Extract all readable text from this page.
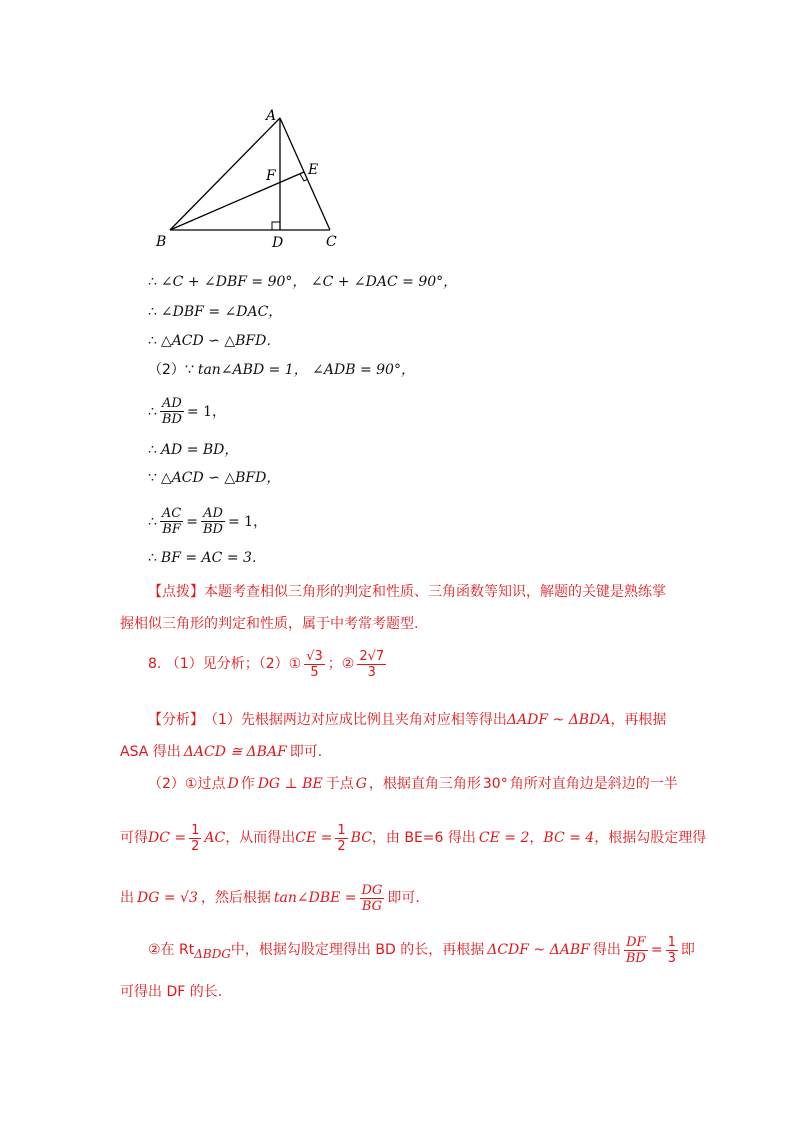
A
B	C
D
E
F
∴ ∠C + ∠DBF = 90°， ∠C + ∠DAC = 90°，
∴ ∠DBF = ∠DAC，
∴ △ACD ∽ △BFD．
（2）∵ tan∠ABD = 1， ∠ADB = 90°，
∴ $\frac{AD}{BD} = 1$，
∴ AD = BD，
∵ △ACD ∽ △BFD，
∴ $\frac{AC}{BF} = \frac{AD}{BD} = 1$，
∴ BF = AC = 3．
【点拨】本题考查相似三角形的判定和性质、三角函数等知识，解题的关键是熟练掌
握相似三角形的判定和性质，属于中考常考题型.
8. （1）见分析；（2）① $\frac{√3}{5}$ ；② $\frac{2√7}{3}$
【分析】 （1）先根据两边对应成比例且夹角对应相等得出 ΔADF ~ ΔBDA ，再根据
ASA 得出 ΔACD ≅ ΔBAF 即可.
（2）①过点 D 作 DG ⊥ BE 于点 G ，根据直角三角形 30° 角所对直角边是斜边的一半
可得 DC = $\frac{1}{2}$ AC ，从而得出 CE = $\frac{1}{2}$ BC ，由 BE=6 得出 CE = 2 ， BC = 4 ，根据勾股定理得
出 DG = √3 ，然后根据 tan∠DBE = $\frac{DG}{BG}$ 即可.
②在 Rt ΔBDG 中，根据勾股定理得出 BD 的长，再根据 ΔCDF ~ ΔABF 得出 $\frac{DF}{BD} = \frac{1}{3}$ 即
可得出 DF 的长.
